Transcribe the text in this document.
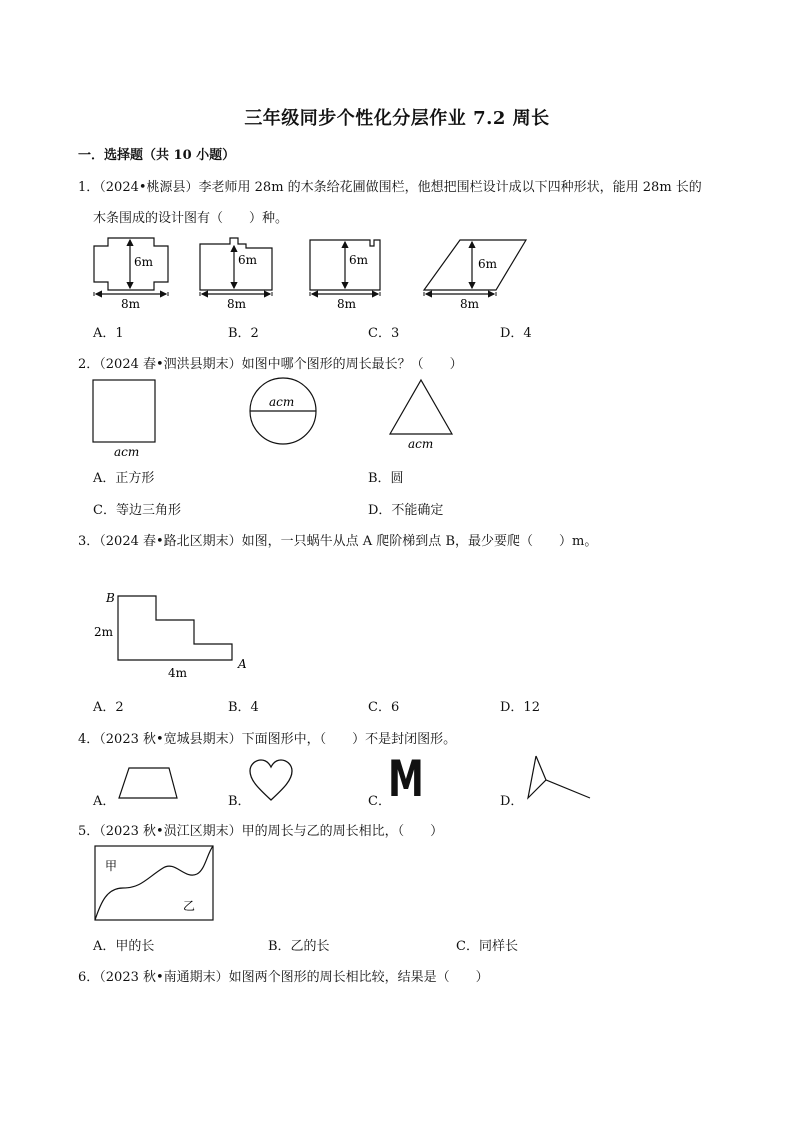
三年级同步个性化分层作业 7.2 周长
一．选择题（共 10 小题）
1．（2024•桃源县）李老师用 28m 的木条给花圃做围栏，他想把围栏设计成以下四种形状，能用 28m 长的
木条围成的设计图有（　　）种。
6m
8m
6m
8m
6m
8m
6m
8m
A．1	B．2	C．3	D．4
2．（2024 春•泗洪县期末）如图中哪个图形的周长最长？（　　）
acm
acm
acm
A．正方形	B．圆
C．等边三角形	D．不能确定
3．（2024 春•路北区期末）如图，一只蜗牛从点 A 爬阶梯到点 B，最少要爬（　　）m。
B
2m
4m
A
A．2	B．4	C．6	D．12
4．（2023 秋•宽城县期末）下面图形中，（　　）不是封闭图形。
A．	B．	C．
M	D．
5．（2023 秋•涢江区期末）甲的周长与乙的周长相比，（　　）
甲
乙
A．甲的长	B．乙的长	C．同样长
6．（2023 秋•南通期末）如图两个图形的周长相比较，结果是（　　）
